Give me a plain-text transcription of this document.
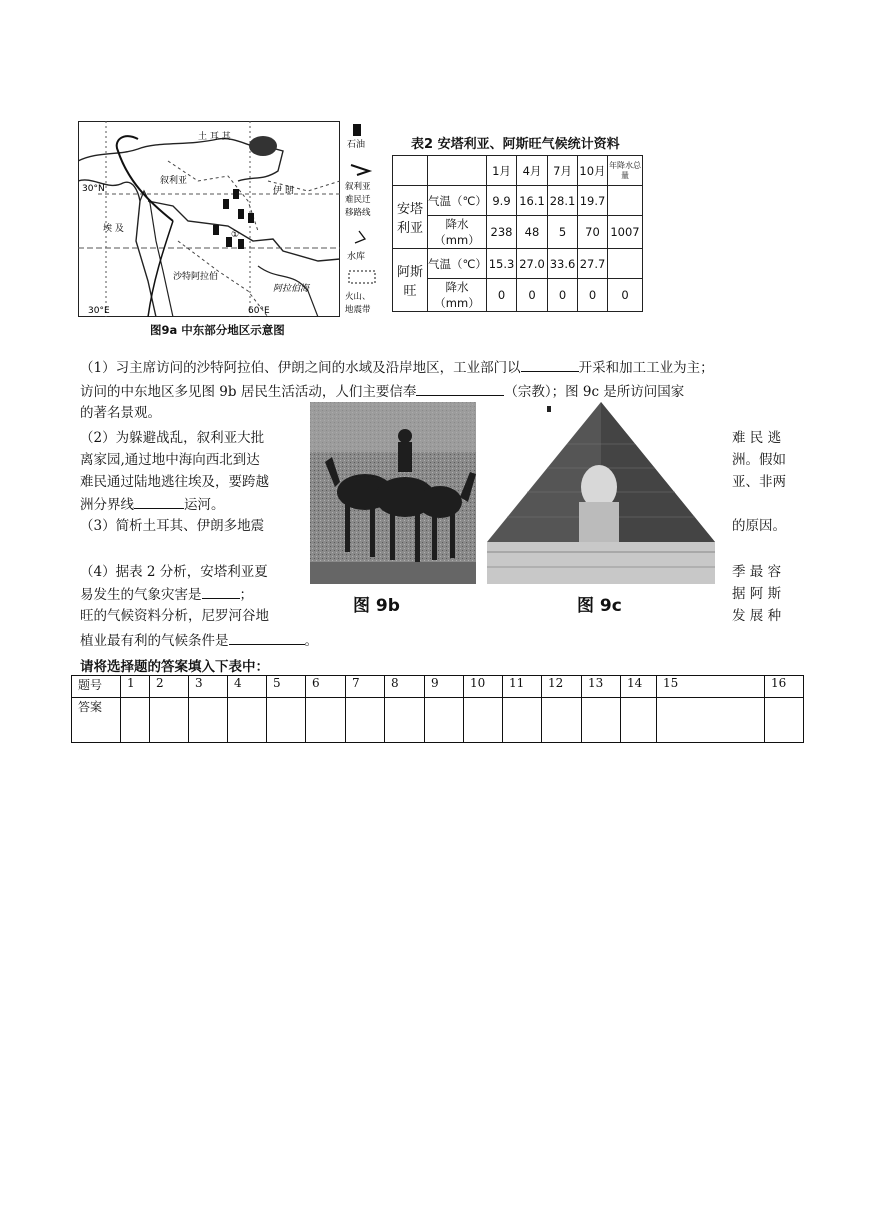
土 耳 其
叙利亚
伊 朗
沙特阿拉伯
埃 及
阿拉伯海
30°N
30°E	60°E
①
石油
叙利亚
难民迁
移路线
水库
火山、
地震带
图9a 中东部分地区示意图
表2 安塔利亚、阿斯旺气候统计资料
		1月	4月	7月	10月	年降水总量
安塔利亚	气温（℃）	9.9	16.1	28.1	19.7	
	降水（mm）	238	48	5	70	1007
阿斯旺	气温（℃）	15.3	27.0	33.6	27.7	
	降水（mm）	0	0	0	0	0
（1）习主席访问的沙特阿拉伯、伊朗之间的水域及沿岸地区，工业部门以	开采和加工工业为主；
访问的中东地区多见图 9b 居民生活活动，人们主要信奉	（宗教）；图 9c 是所访问国家
的著名景观。
（2）为躲避战乱，叙利亚大批	难 民 逃
离家园,通过地中海向西北到达	洲。假如
难民通过陆地逃往埃及，要跨越	亚、非两
洲分界线	运河。
（3）简析土耳其、伊朗多地震	的原因。
（4）据表 2 分析，安塔利亚夏	季 最 容
易发生的气象灾害是	；	据 阿 斯
旺的气候资料分析，尼罗河谷地	发 展 种
植业最有利的气候条件是	。
图 9b	图 9c
请将选择题的答案填入下表中：
题号	1	2	3	4	5	6	7	8	9	10	11	12	13	14	15	16
答案																
